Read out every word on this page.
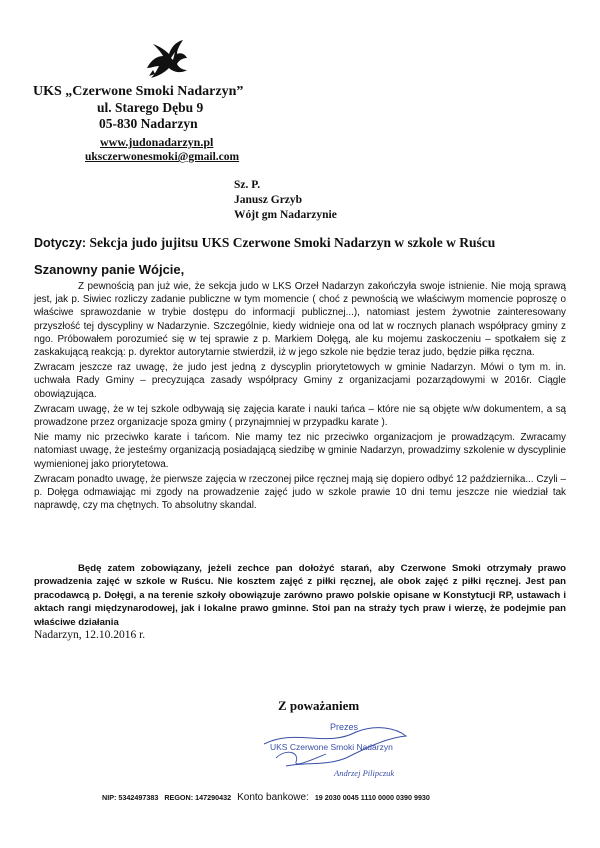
UKS „Czerwone Smoki Nadarzyn”
ul. Starego Dębu 9
05-830 Nadarzyn
www.judonadarzyn.pl
uksczerwonesmoki@gmail.com
Sz. P.
Janusz Grzyb
Wójt gm Nadarzynie
Dotyczy: Sekcja judo jujitsu UKS Czerwone Smoki Nadarzyn w szkole w Ruścu
Szanowny panie Wójcie,

Z pewnością pan już wie, że sekcja judo w LKS Orzeł Nadarzyn zakończyła swoje istnienie. Nie moją sprawą jest, jak p. Siwiec rozliczy zadanie publiczne w tym momencie ( choć z pewnością we właściwym momencie poproszę o właściwe sprawozdanie w trybie dostępu do informacji publicznej...), natomiast jestem żywotnie zainteresowany przyszłość tej dyscypliny w Nadarzynie. Szczególnie, kiedy widnieje ona od lat w rocznych planach współpracy gminy z ngo. Próbowałem porozumieć się w tej sprawie z p. Markiem Dołęgą, ale ku mojemu zaskoczeniu – spotkałem się z zaskakującą reakcją: p. dyrektor autorytarnie stwierdził, iż w jego szkole nie będzie teraz judo, będzie piłka ręczna.

Zwracam jeszcze raz uwagę, że judo jest jedną z dyscyplin priorytetowych w gminie Nadarzyn. Mówi o tym m. in. uchwała Rady Gminy – precyzująca zasady współpracy Gminy z organizacjami pozarządowymi w 2016r. Ciągle obowiązująca.

Zwracam uwagę, że w tej szkole odbywają się zajęcia karate i nauki tańca – które nie są objęte w/w dokumentem, a są prowadzone przez organizacje spoza gminy ( przynajmniej w przypadku karate ).

Nie mamy nic przeciwko karate i tańcom. Nie mamy tez nic przeciwko organizacjom je prowadzącym. Zwracamy natomiast uwagę, że jesteśmy organizacją posiadającą siedzibę w gminie Nadarzyn, prowadzimy szkolenie w dyscyplinie wymienionej jako priorytetowa.

Zwracam ponadto uwagę, że pierwsze zajęcia w rzeczonej piłce ręcznej mają się dopiero odbyć 12 października... Czyli – p. Dołęga odmawiając mi zgody na prowadzenie zajęć judo w szkole prawie 10 dni temu jeszcze nie wiedział tak naprawdę, czy ma chętnych. To absolutny skandal.

Będę zatem zobowiązany, jeżeli zechce pan dołożyć starań, aby Czerwone Smoki otrzymały prawo prowadzenia zajęć w szkole w Ruścu. Nie kosztem zajęć z piłki ręcznej, ale obok zajęć z piłki ręcznej. Jest pan pracodawcą p. Dołęgi, a na terenie szkoły obowiązuje zarówno prawo polskie opisane w Konstytucji RP, ustawach i aktach rangi międzynarodowej, jak i lokalne prawo gminne. Stoi pan na straży tych praw i wierzę, że podejmie pan właściwe działania

Nadarzyn, 12.10.2016 r.
Z poważaniem
Prezes
UKS Czerwone Smoki Nadarzyn
Andrzej Pilipczuk
NIP: 5342497383 REGON: 147290432 Konto bankowe: 19 2030 0045 1110 0000 0390 9930
